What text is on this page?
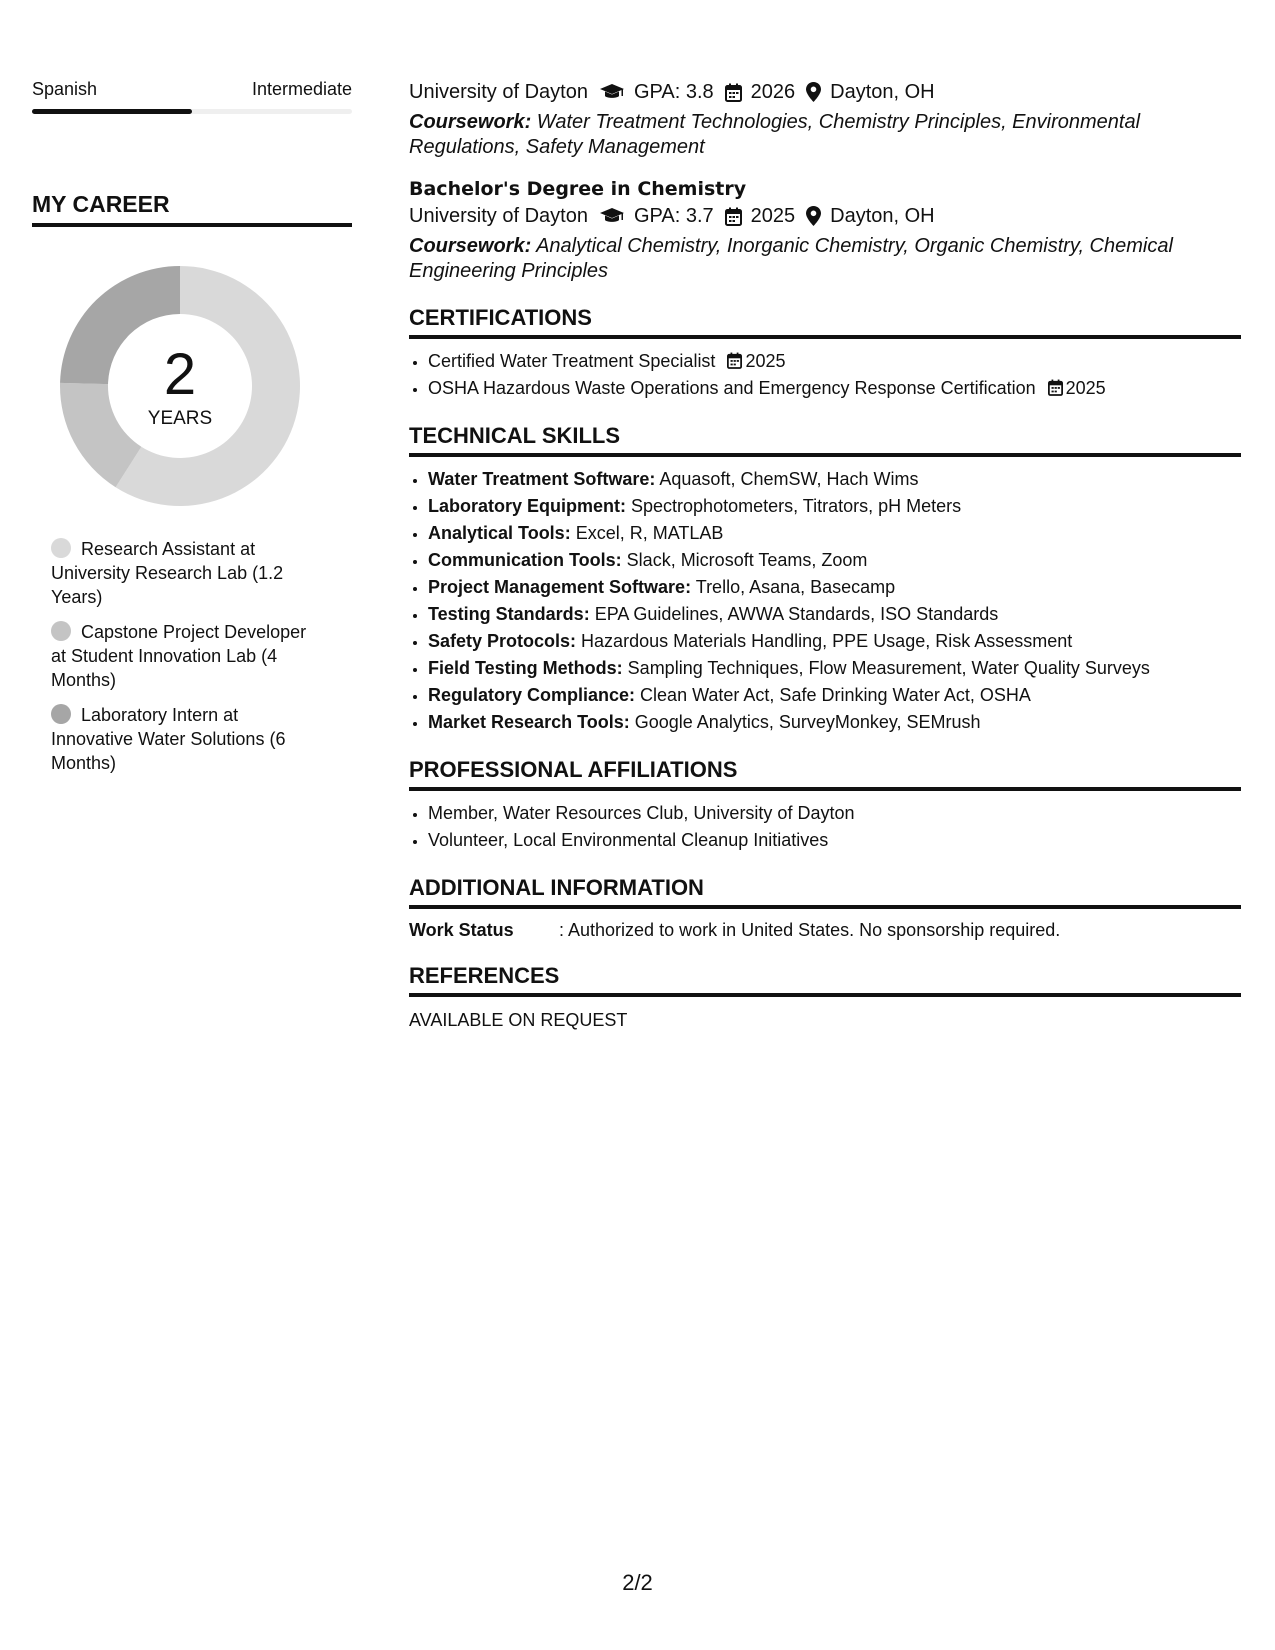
Spanish	Intermediate
MY CAREER
2
YEARS
Research Assistant at University Research Lab (1.2 Years)
Capstone Project Developer at Student Innovation Lab (4 Months)
Laboratory Intern at Innovative Water Solutions (6 Months)
University of Dayton GPA: 3.8 2026 Dayton, OH
Coursework: Water Treatment Technologies, Chemistry Principles, Environmental Regulations, Safety Management
Bachelor's Degree in Chemistry
University of Dayton GPA: 3.7 2025 Dayton, OH
Coursework: Analytical Chemistry, Inorganic Chemistry, Organic Chemistry, Chemical Engineering Principles
CERTIFICATIONS
• Certified Water Treatment Specialist 2025
• OSHA Hazardous Waste Operations and Emergency Response Certification 2025
TECHNICAL SKILLS
• Water Treatment Software: Aquasoft, ChemSW, Hach Wims
• Laboratory Equipment: Spectrophotometers, Titrators, pH Meters
• Analytical Tools: Excel, R, MATLAB
• Communication Tools: Slack, Microsoft Teams, Zoom
• Project Management Software: Trello, Asana, Basecamp
• Testing Standards: EPA Guidelines, AWWA Standards, ISO Standards
• Safety Protocols: Hazardous Materials Handling, PPE Usage, Risk Assessment
• Field Testing Methods: Sampling Techniques, Flow Measurement, Water Quality Surveys
• Regulatory Compliance: Clean Water Act, Safe Drinking Water Act, OSHA
• Market Research Tools: Google Analytics, SurveyMonkey, SEMrush
PROFESSIONAL AFFILIATIONS
• Member, Water Resources Club, University of Dayton
• Volunteer, Local Environmental Cleanup Initiatives
ADDITIONAL INFORMATION
Work Status	: Authorized to work in United States. No sponsorship required.
REFERENCES
AVAILABLE ON REQUEST
2/2
